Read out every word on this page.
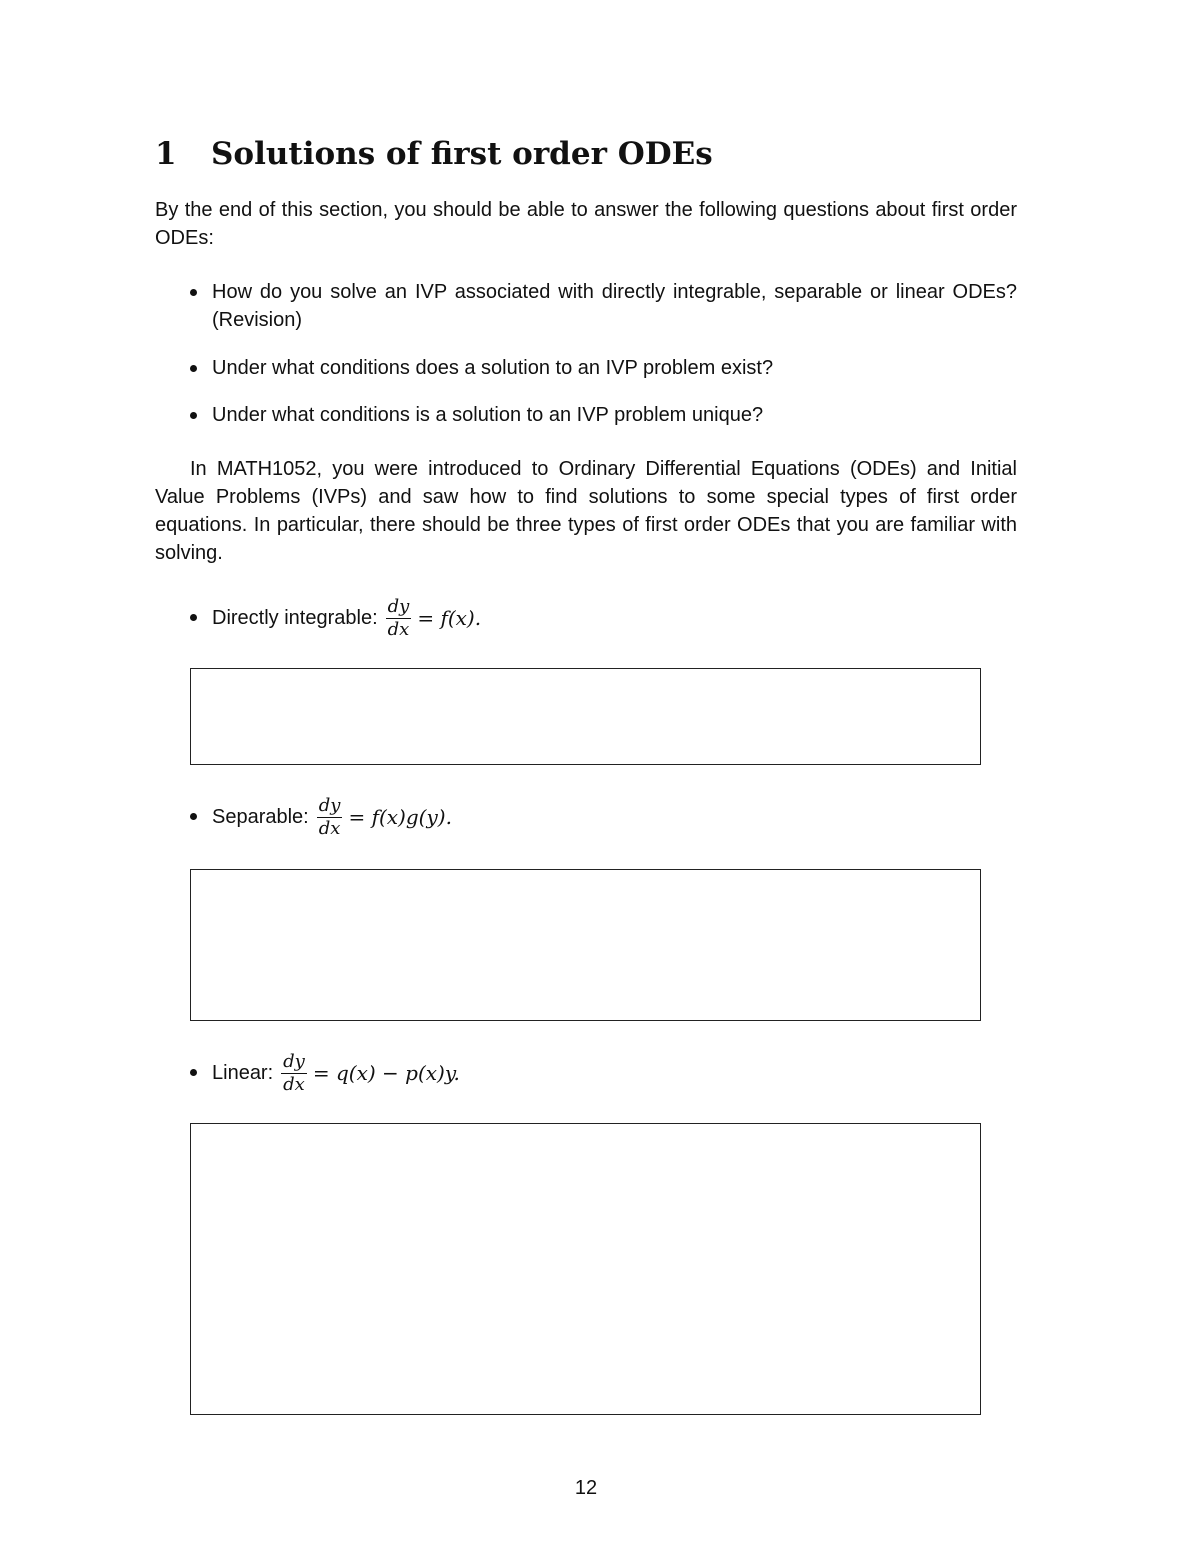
1 Solutions of first order ODEs
By the end of this section, you should be able to answer the following questions about first order ODEs:
How do you solve an IVP associated with directly integrable, separable or linear ODEs? (Revision)
Under what conditions does a solution to an IVP problem exist?
Under what conditions is a solution to an IVP problem unique?
In MATH1052, you were introduced to Ordinary Differential Equations (ODEs) and Initial Value Problems (IVPs) and saw how to find solutions to some special types of first order equations. In particular, there should be three types of first order ODEs that you are familiar with solving.
Directly integrable: $\frac{dy}{dx} = f(x)$.
Separable: $\frac{dy}{dx} = f(x)g(y)$.
Linear: $\frac{dy}{dx} = q(x) - p(x)y$.
12
